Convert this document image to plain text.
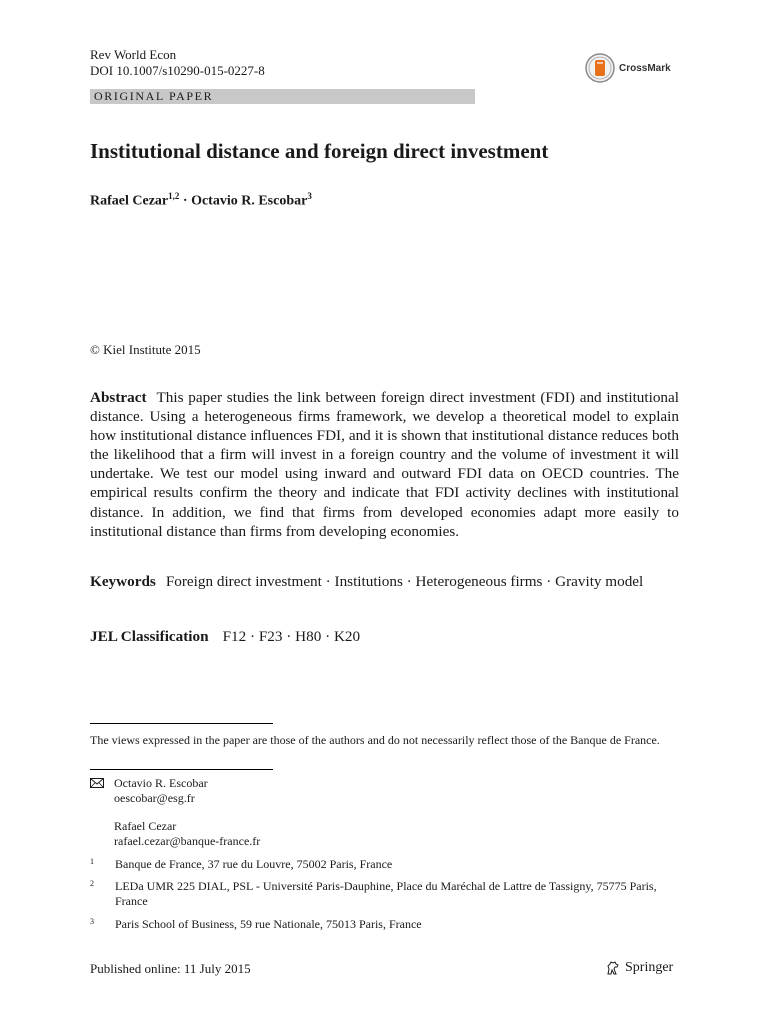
Rev World Econ
DOI 10.1007/s10290-015-0227-8	CrossMark
ORIGINAL PAPER
Institutional distance and foreign direct investment
Rafael Cezar$^{1,2}$ · Octavio R. Escobar$^3$
© Kiel Institute 2015
Abstract This paper studies the link between foreign direct investment (FDI) and institutional distance. Using a heterogeneous firms framework, we develop a theoretical model to explain how institutional distance influences FDI, and it is shown that institutional distance reduces both the likelihood that a firm will invest in a foreign country and the volume of investment it will undertake. We test our model using inward and outward FDI data on OECD countries. The empirical results confirm the theory and indicate that FDI activity declines with institutional distance. In addition, we find that firms from developed economies adapt more easily to institutional distance than firms from developing economies.
Keywords Foreign direct investment · Institutions · Heterogeneous firms · Gravity model
JEL Classification F12 · F23 · H80 · K20
The views expressed in the paper are those of the authors and do not necessarily reflect those of the Banque de France.
Octavio R. Escobar
oescobar@esg.fr
Rafael Cezar
rafael.cezar@banque-france.fr
1 Banque de France, 37 rue du Louvre, 75002 Paris, France
2 LEDa UMR 225 DIAL, PSL - Université Paris-Dauphine, Place du Maréchal de Lattre de Tassigny, 75775 Paris, France
3 Paris School of Business, 59 rue Nationale, 75013 Paris, France
Published online: 11 July 2015	Springer
